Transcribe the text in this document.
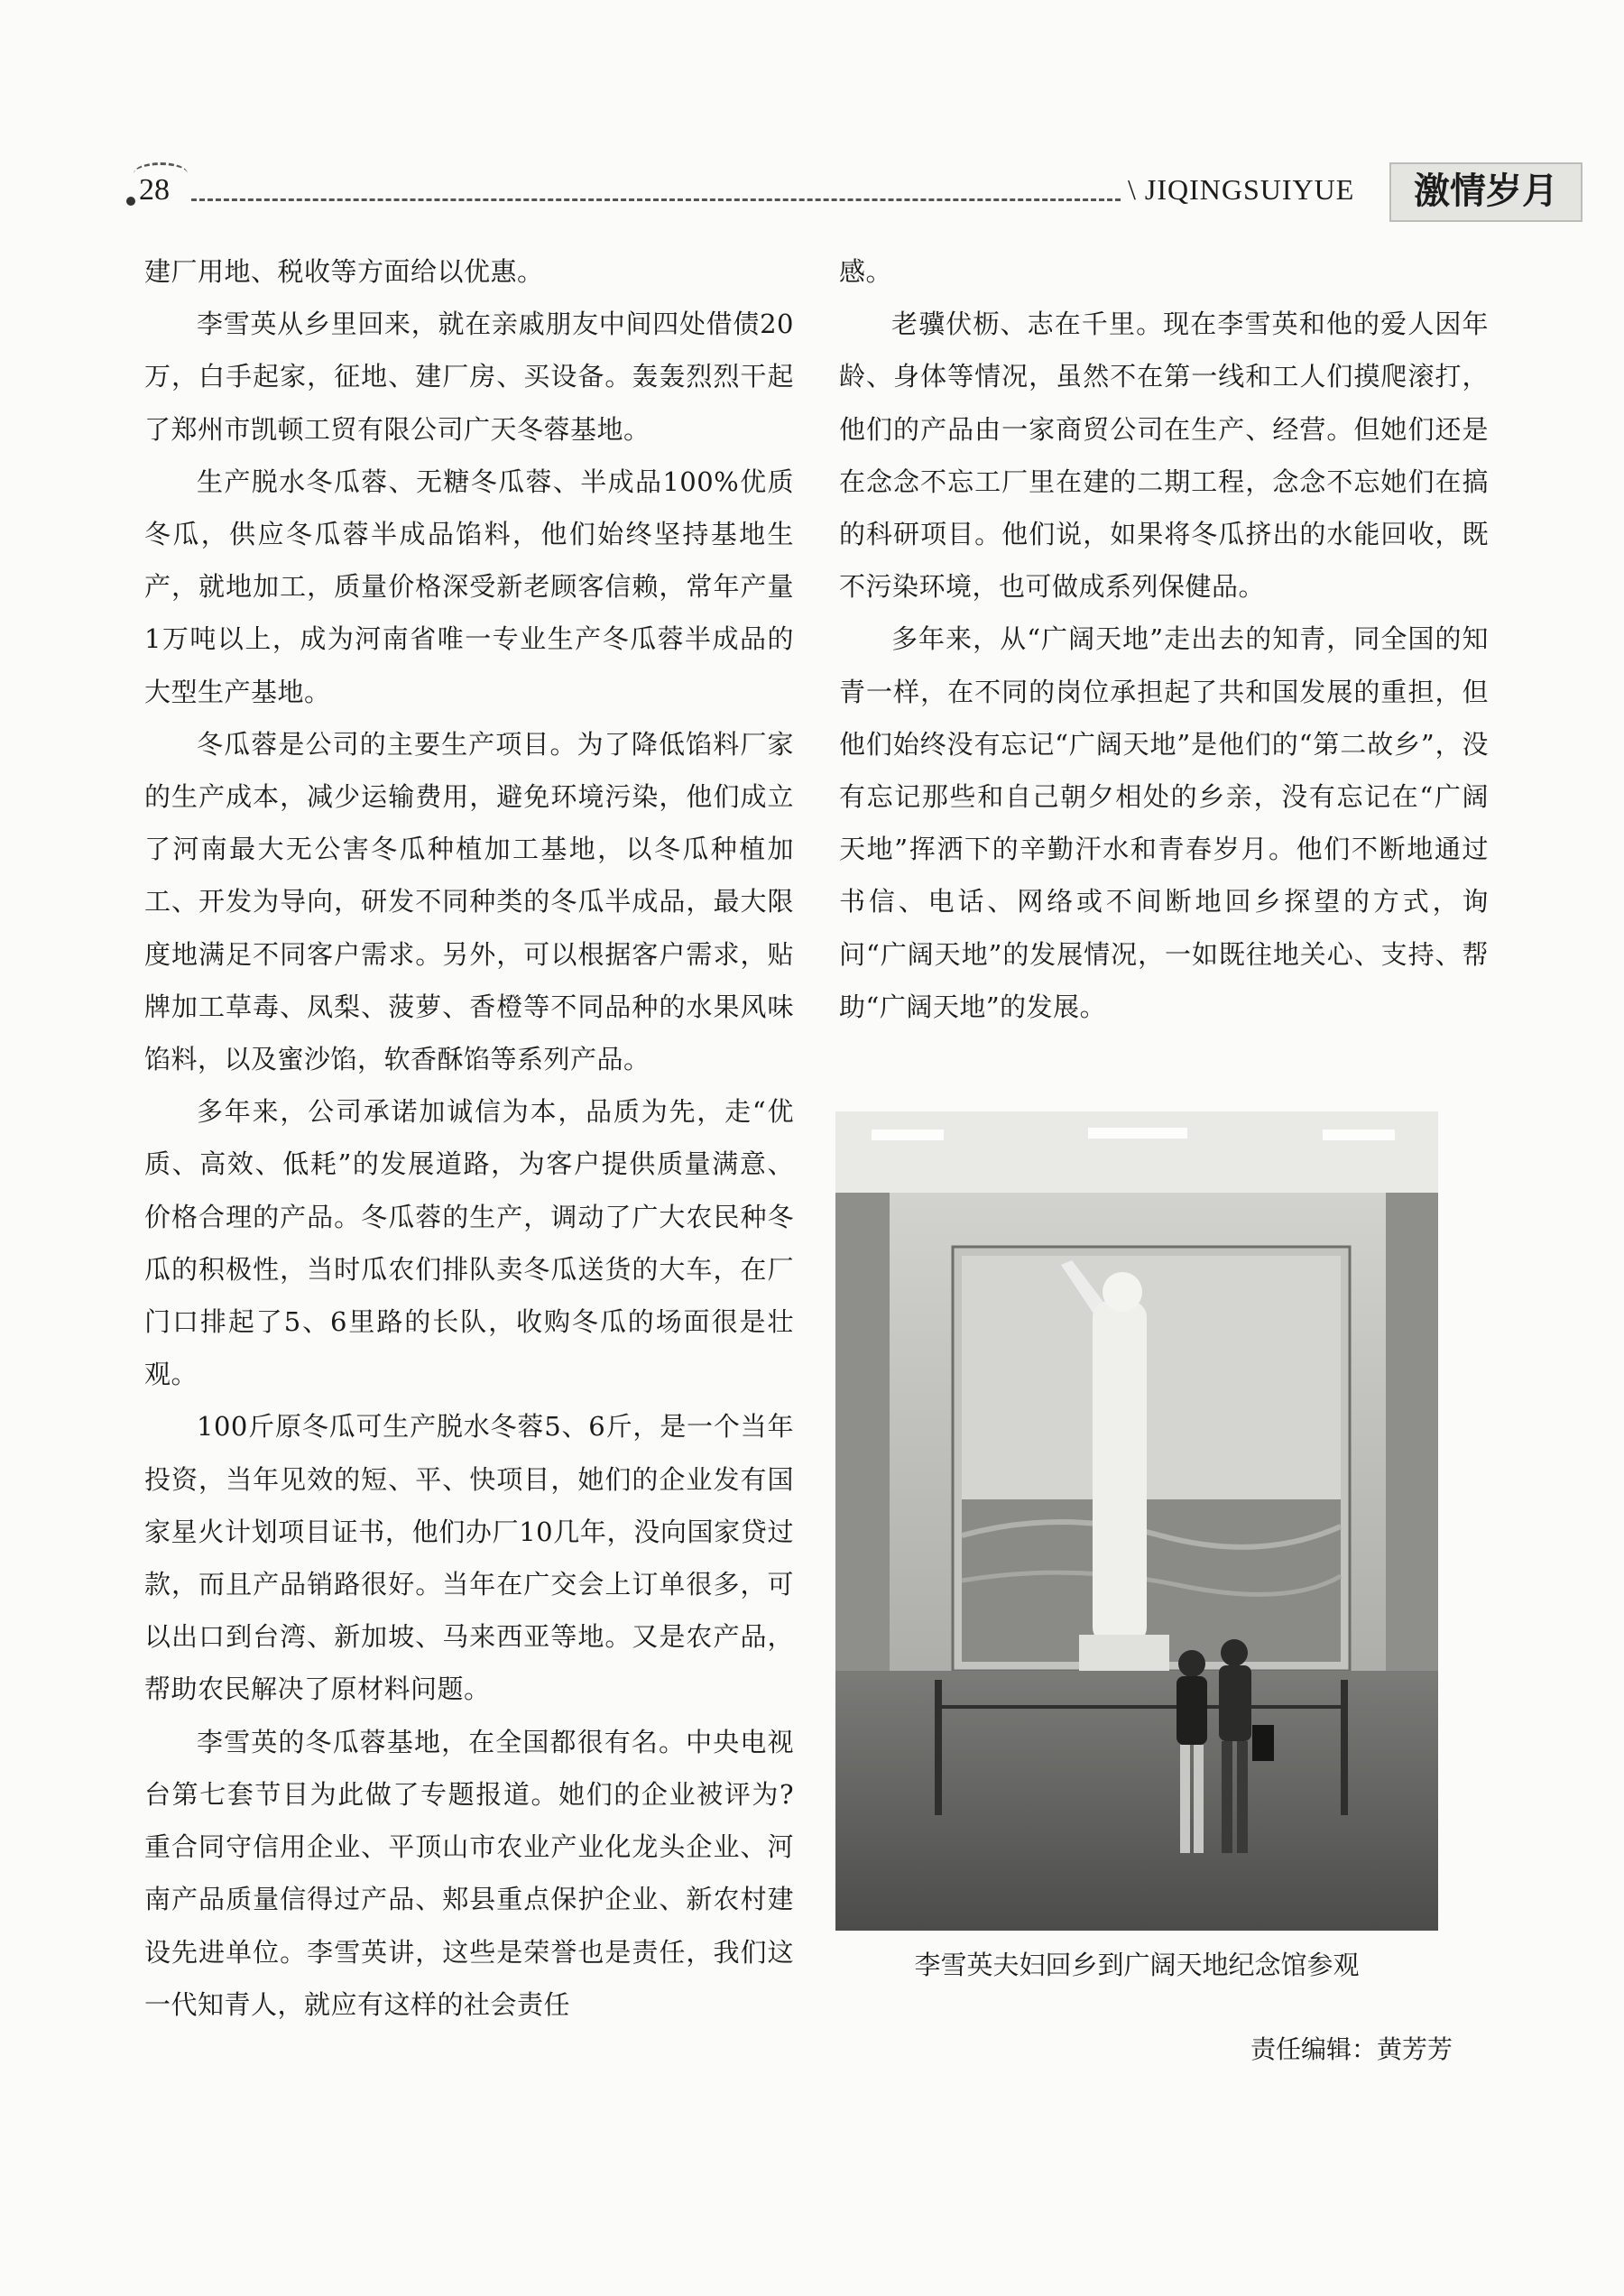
28	\ JIQINGSUIYUE	激情岁月

建厂用地、税收等方面给以优惠。

李雪英从乡里回来，就在亲戚朋友中间四处借债20万，白手起家，征地、建厂房、买设备。轰轰烈烈干起了郑州市凯顿工贸有限公司广天冬蓉基地。

生产脱水冬瓜蓉、无糖冬瓜蓉、半成品100%优质冬瓜，供应冬瓜蓉半成品馅料，他们始终坚持基地生产，就地加工，质量价格深受新老顾客信赖，常年产量1万吨以上，成为河南省唯一专业生产冬瓜蓉半成品的大型生产基地。

冬瓜蓉是公司的主要生产项目。为了降低馅料厂家的生产成本，减少运输费用，避免环境污染，他们成立了河南最大无公害冬瓜种植加工基地，以冬瓜种植加工、开发为导向，研发不同种类的冬瓜半成品，最大限度地满足不同客户需求。另外，可以根据客户需求，贴牌加工草毒、凤梨、菠萝、香橙等不同品种的水果风味馅料，以及蜜沙馅，软香酥馅等系列产品。

多年来，公司承诺加诚信为本，品质为先，走“优质、高效、低耗”的发展道路，为客户提供质量满意、价格合理的产品。冬瓜蓉的生产，调动了广大农民种冬瓜的积极性，当时瓜农们排队卖冬瓜送货的大车，在厂门口排起了5、6里路的长队，收购冬瓜的场面很是壮观。

100斤原冬瓜可生产脱水冬蓉5、6斤，是一个当年投资，当年见效的短、平、快项目，她们的企业发有国家星火计划项目证书，他们办厂10几年，没向国家贷过款，而且产品销路很好。当年在广交会上订单很多，可以出口到台湾、新加坡、马来西亚等地。又是农产品，帮助农民解决了原材料问题。

李雪英的冬瓜蓉基地，在全国都很有名。中央电视台第七套节目为此做了专题报道。她们的企业被评为?重合同守信用企业、平顶山市农业产业化龙头企业、河南产品质量信得过产品、郏县重点保护企业、新农村建设先进单位。李雪英讲，这些是荣誉也是责任，我们这一代知青人，就应有这样的社会责任

感。

老骥伏枥、志在千里。现在李雪英和他的爱人因年龄、身体等情况，虽然不在第一线和工人们摸爬滚打，他们的产品由一家商贸公司在生产、经营。但她们还是在念念不忘工厂里在建的二期工程，念念不忘她们在搞的科研项目。他们说，如果将冬瓜挤出的水能回收，既不污染环境，也可做成系列保健品。

多年来，从“广阔天地”走出去的知青，同全国的知青一样，在不同的岗位承担起了共和国发展的重担，但他们始终没有忘记“广阔天地”是他们的“第二故乡”，没有忘记那些和自己朝夕相处的乡亲，没有忘记在“广阔天地”挥洒下的辛勤汗水和青春岁月。他们不断地通过书信、电话、网络或不间断地回乡探望的方式，询问“广阔天地”的发展情况，一如既往地关心、支持、帮助“广阔天地”的发展。

李雪英夫妇回乡到广阔天地纪念馆参观
责任编辑：黄芳芳
